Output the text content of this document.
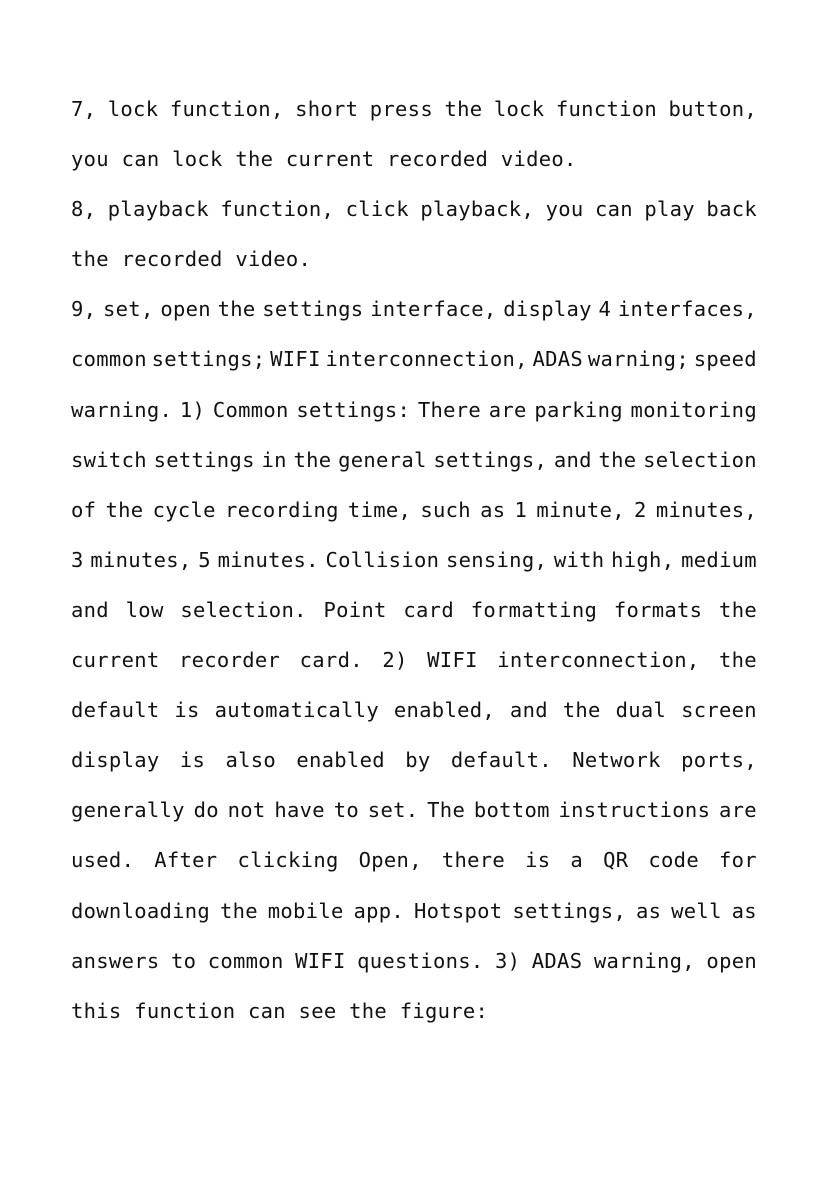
7, lock function, short press the lock function button,
you can lock the current recorded video.
8, playback function, click playback, you can play back
the recorded video.
9, set, open the settings interface, display 4 interfaces,
common settings; WIFI interconnection, ADAS warning; speed
warning. 1) Common settings: There are parking monitoring
switch settings in the general settings, and the selection
of the cycle recording time, such as 1 minute, 2 minutes,
3 minutes, 5 minutes. Collision sensing, with high, medium
and low selection. Point card formatting formats the
current recorder card. 2) WIFI interconnection, the
default is automatically enabled, and the dual screen
display is also enabled by default. Network ports,
generally do not have to set. The bottom instructions are
used. After clicking Open, there is a QR code for
downloading the mobile app. Hotspot settings, as well as
answers to common WIFI questions. 3) ADAS warning, open
this function can see the figure:
